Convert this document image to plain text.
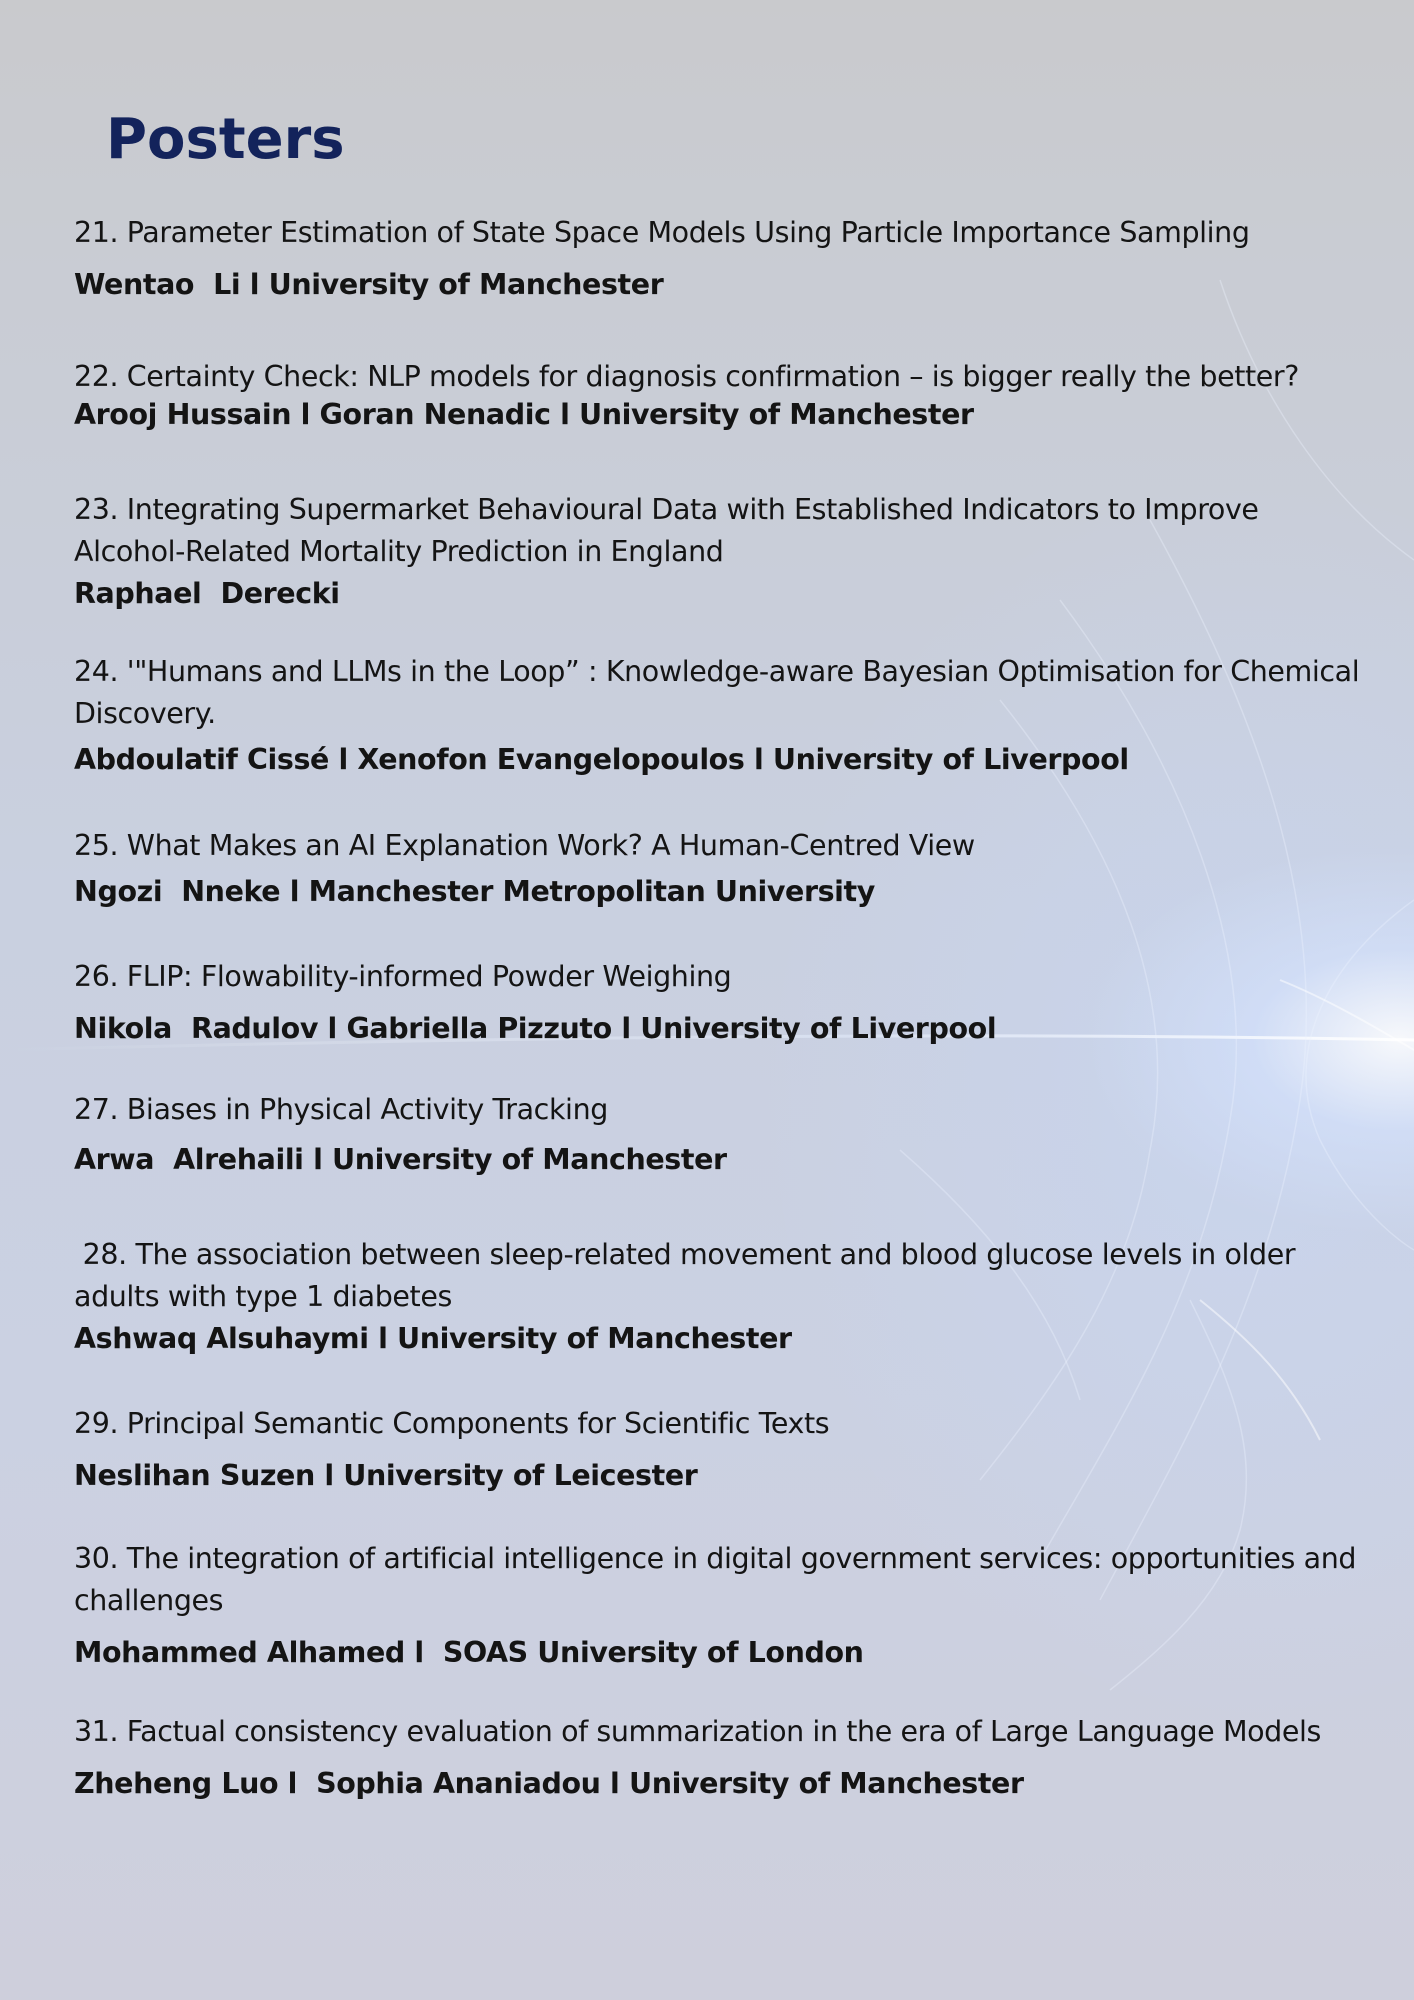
Posters

21. Parameter Estimation of State Space Models Using Particle Importance Sampling

Wentao  Li l University of Manchester

22. Certainty Check: NLP models for diagnosis confirmation – is bigger really the better?

Arooj Hussain l Goran Nenadic l University of Manchester

23. Integrating Supermarket Behavioural Data with Established Indicators to Improve Alcohol-Related Mortality Prediction in England

Raphael  Derecki

24. '"Humans and LLMs in the Loop” : Knowledge-aware Bayesian Optimisation for Chemical Discovery.

Abdoulatif Cissé l Xenofon Evangelopoulos l University of Liverpool

25. What Makes an AI Explanation Work? A Human-Centred View

Ngozi  Nneke l Manchester Metropolitan University

26. FLIP: Flowability-informed Powder Weighing

Nikola  Radulov l Gabriella Pizzuto l University of Liverpool

27. Biases in Physical Activity Tracking

Arwa  Alrehaili l University of Manchester

28. The association between sleep-related movement and blood glucose levels in older adults with type 1 diabetes

Ashwaq Alsuhaymi l University of Manchester

29. Principal Semantic Components for Scientific Texts

Neslihan Suzen l University of Leicester

30. The integration of artificial intelligence in digital government services: opportunities and challenges

Mohammed Alhamed l  SOAS University of London

31. Factual consistency evaluation of summarization in the era of Large Language Models

Zheheng Luo l  Sophia Ananiadou l University of Manchester
